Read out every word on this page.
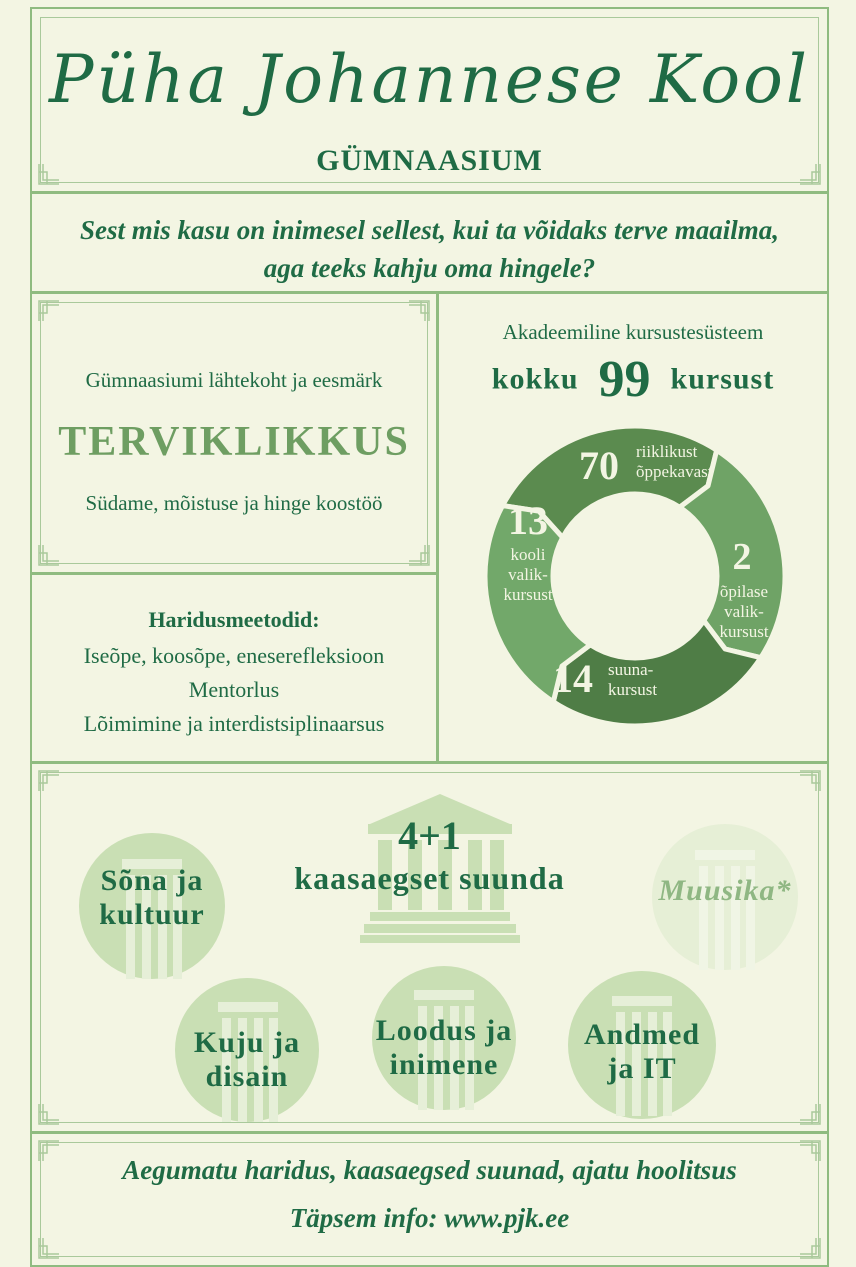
Püha Johannese Kool
GÜMNAASIUM
Sest mis kasu on inimesel sellest, kui ta võidaks terve maailma,
aga teeks kahju oma hingele?
Gümnaasiumi lähtekoht ja eesmärk
TERVIKLIKKUS
Südame, mõistuse ja hinge koostöö
Haridusmeetodid:
Iseõpe, koosõpe, eneserefleksioon
Mentorlus
Lõimimine ja interdistsiplinaarsus
Akadeemiline kursustesüsteem
kokku 99 kursust
70 riiklikust
õppekavast
2
õpilase
valik-
kursust
14 suuna-
kursust
13
kooli
valik-
kursust
4+1
kaasaegset suunda
Sõna ja
kultuur
Kuju ja
disain
Loodus ja
inimene
Andmed
ja IT
Muusika*
Aegumatu haridus, kaasaegsed suunad, ajatu hoolitsus
Täpsem info: www.pjk.ee
